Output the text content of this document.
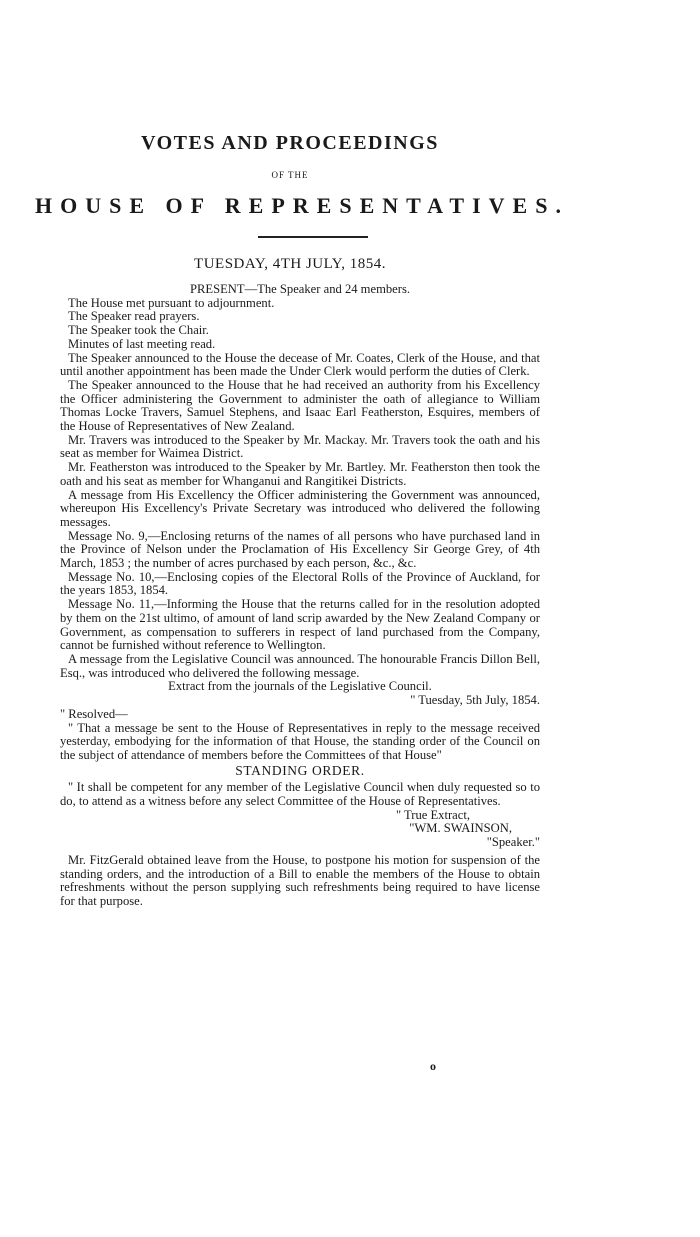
VOTES AND PROCEEDINGS
OF THE
HOUSE OF REPRESENTATIVES.
TUESDAY, 4TH JULY, 1854.

PRESENT—The Speaker and 24 members.

The House met pursuant to adjournment.

The Speaker read prayers.

The Speaker took the Chair.

Minutes of last meeting read.

The Speaker announced to the House the decease of Mr. Coates, Clerk of the House, and that until another appointment has been made the Under Clerk would perform the duties of Clerk.

The Speaker announced to the House that he had received an authority from his Excellency the Officer administering the Government to administer the oath of allegiance to William Thomas Locke Travers, Samuel Stephens, and Isaac Earl Featherston, Esquires, members of the House of Representatives of New Zealand.

Mr. Travers was introduced to the Speaker by Mr. Mackay. Mr. Travers took the oath and his seat as member for Waimea District.

Mr. Featherston was introduced to the Speaker by Mr. Bartley. Mr. Featherston then took the oath and his seat as member for Whanganui and Rangitikei Districts.

A message from His Excellency the Officer administering the Government was announced, whereupon His Excellency's Private Secretary was introduced who delivered the following messages.

Message No. 9,—Enclosing returns of the names of all persons who have purchased land in the Province of Nelson under the Proclamation of His Excellency Sir George Grey, of 4th March, 1853 ; the number of acres purchased by each person, &c., &c.

Message No. 10,—Enclosing copies of the Electoral Rolls of the Province of Auckland, for the years 1853, 1854.

Message No. 11,—Informing the House that the returns called for in the resolution adopted by them on the 21st ultimo, of amount of land scrip awarded by the New Zealand Company or Government, as compensation to sufferers in respect of land purchased from the Company, cannot be furnished without reference to Wellington.

A message from the Legislative Council was announced. The honourable Francis Dillon Bell, Esq., was introduced who delivered the following message.

Extract from the journals of the Legislative Council.

" Tuesday, 5th July, 1854.

" Resolved—

" That a message be sent to the House of Representatives in reply to the message received yesterday, embodying for the information of that House, the standing order of the Council on the subject of attendance of members before the Committees of that House"

STANDING ORDER.

" It shall be competent for any member of the Legislative Council when duly requested so to do, to attend as a witness before any select Committee of the House of Representatives.

" True Extract,

"WM. SWAINSON,

"Speaker."

Mr. FitzGerald obtained leave from the House, to postpone his motion for suspension of the standing orders, and the introduction of a Bill to enable the members of the House to obtain refreshments without the person supplying such refreshments being required to have license for that purpose.

o
